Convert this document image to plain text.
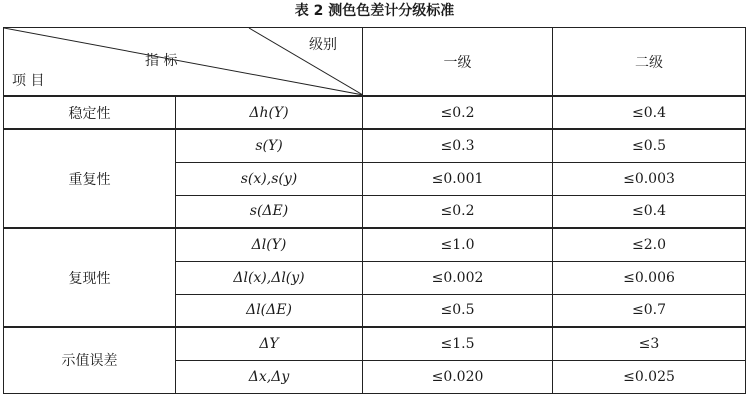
表 2 测色色差计分级标准
级别
指 标
项 目		一级	二级
稳定性	Δh(Y)	≤0.2	≤0.4
重复性	s(Y)	≤0.3	≤0.5
	s(x),s(y)	≤0.001	≤0.003
	s(ΔE)	≤0.2	≤0.4
复现性	Δl(Y)	≤1.0	≤2.0
	Δl(x),Δl(y)	≤0.002	≤0.006
	Δl(ΔE)	≤0.5	≤0.7
示值误差	ΔY	≤1.5	≤3
	Δx,Δy	≤0.020	≤0.025
